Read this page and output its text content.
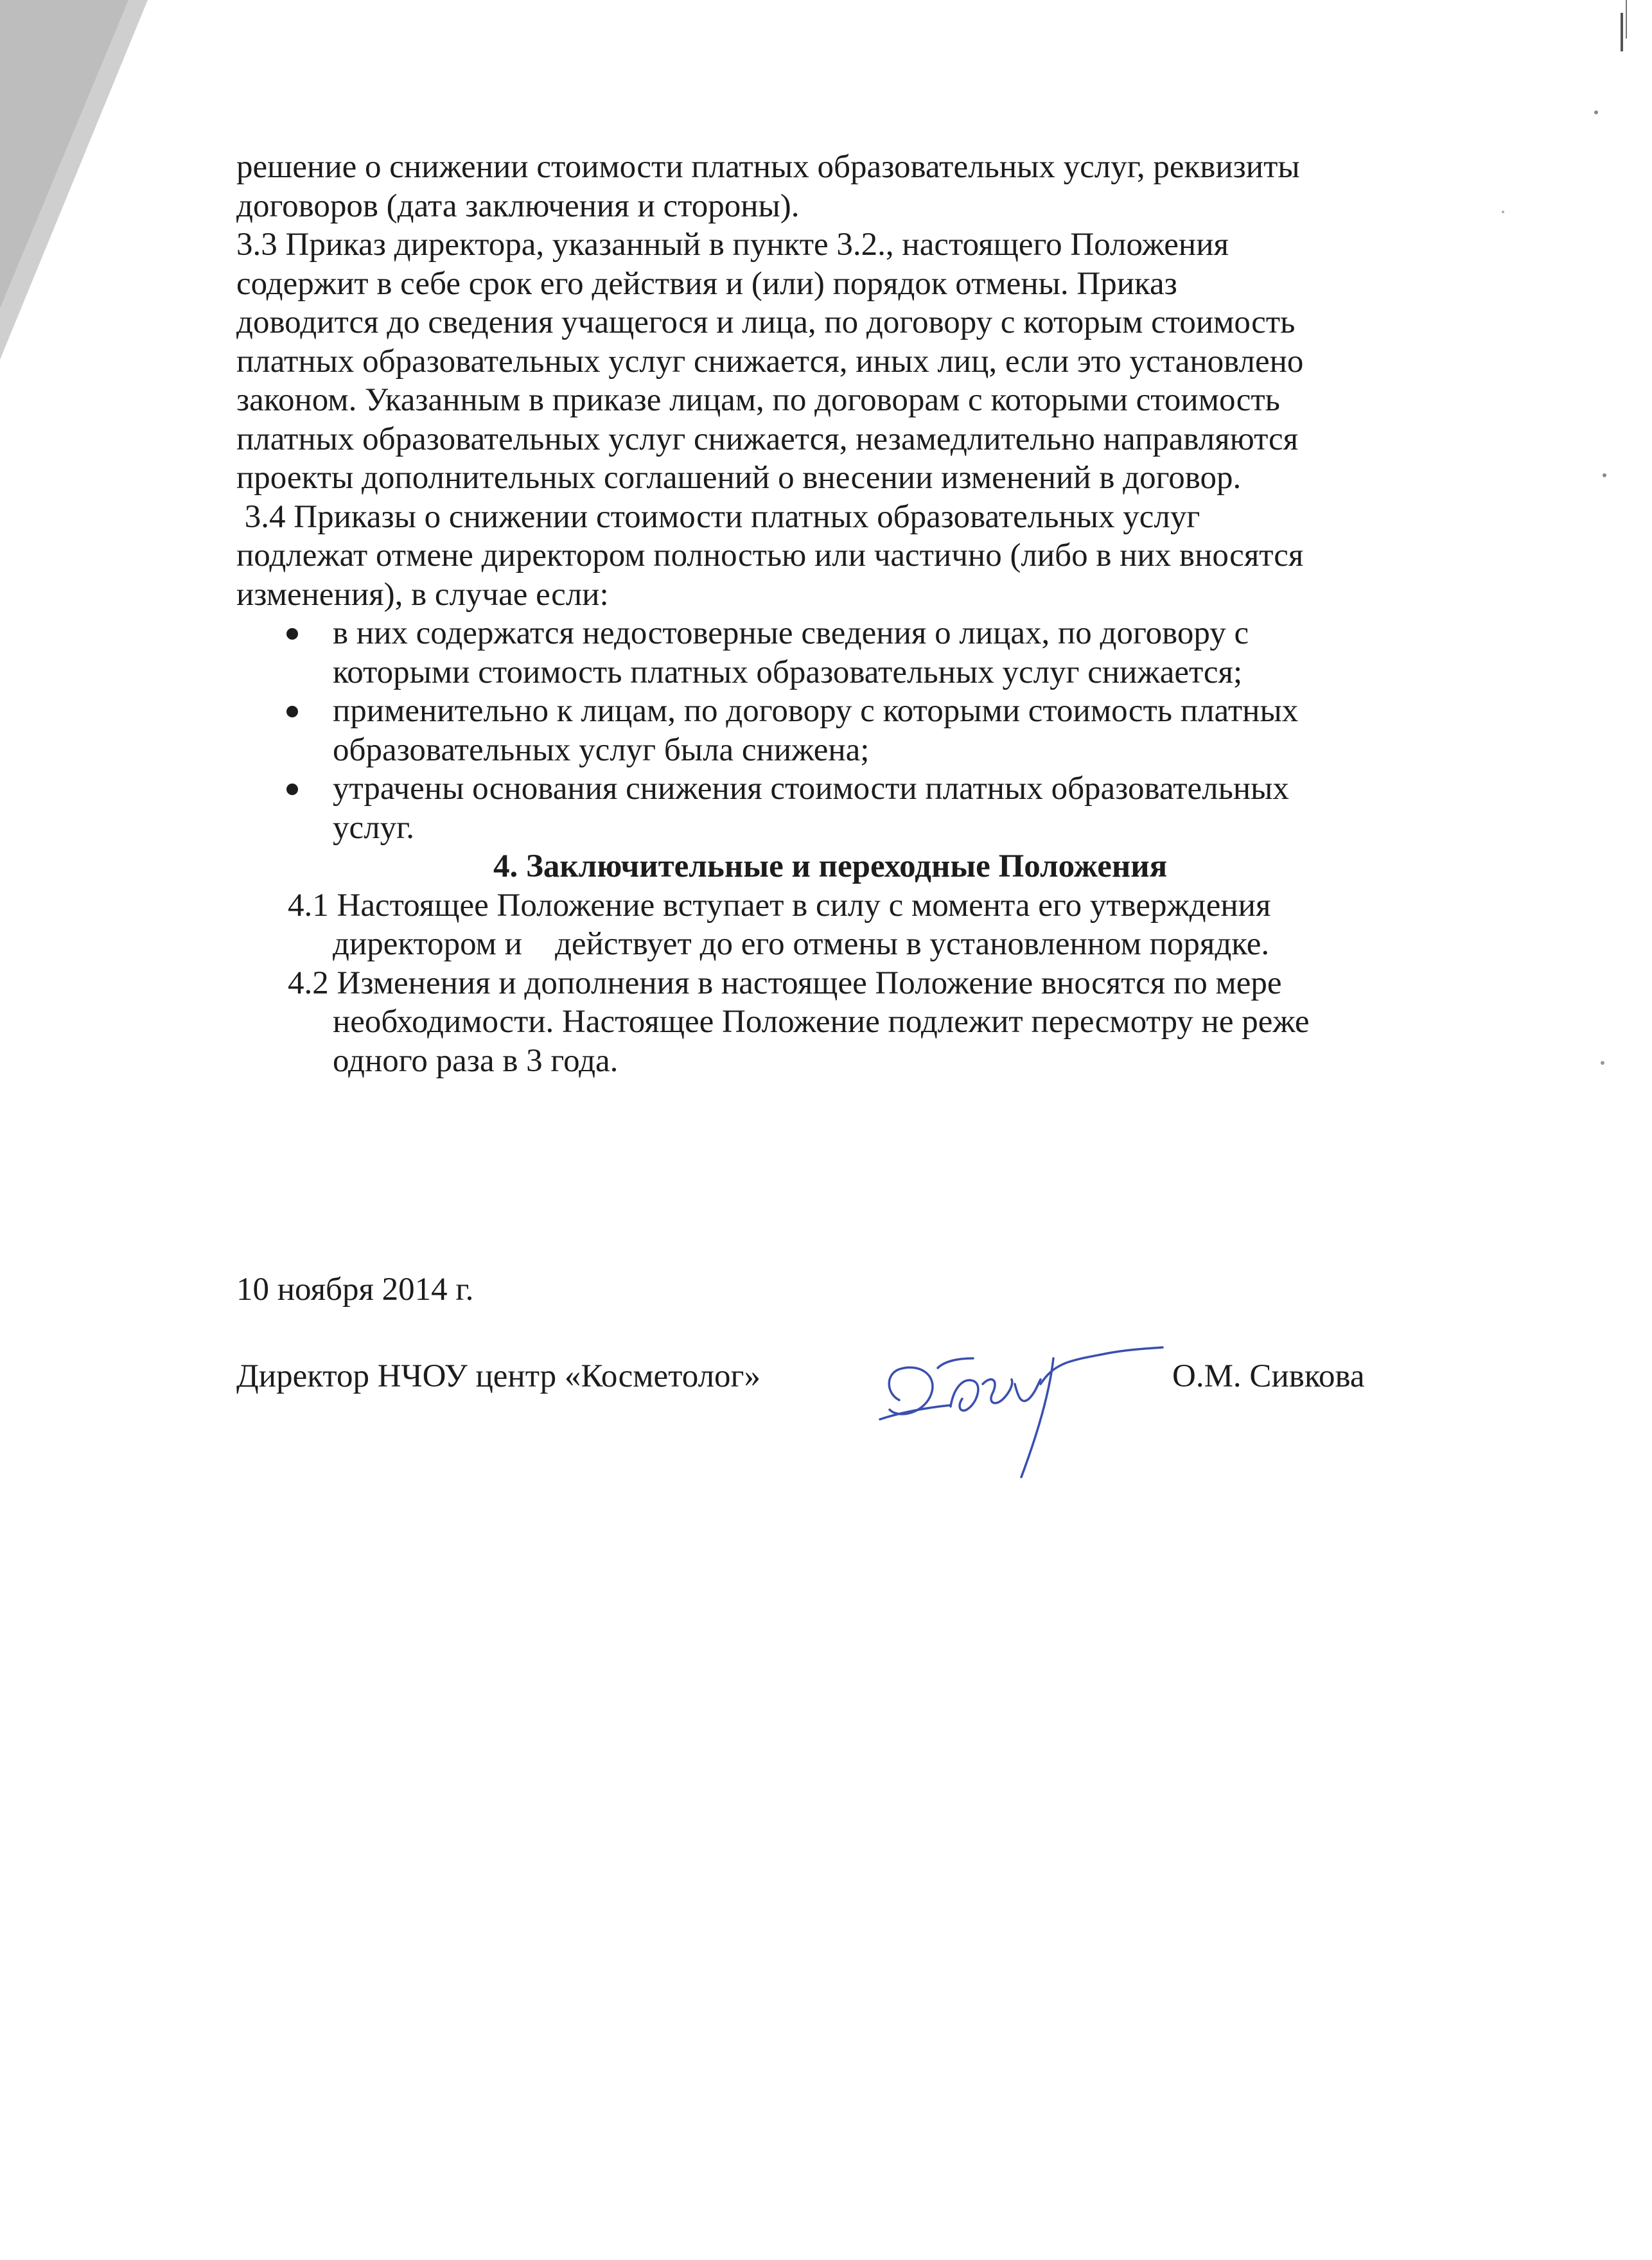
решение о снижении стоимости платных образовательных услуг, реквизиты
договоров (дата заключения и стороны).
3.3 Приказ директора, указанный в пункте 3.2., настоящего Положения
содержит в себе срок его действия и (или) порядок отмены. Приказ
доводится до сведения учащегося и лица, по договору с которым стоимость
платных образовательных услуг снижается, иных лиц, если это установлено
законом. Указанным в приказе лицам, по договорам с которыми стоимость
платных образовательных услуг снижается, незамедлительно направляются
проекты дополнительных соглашений о внесении изменений в договор.
3.4 Приказы о снижении стоимости платных образовательных услуг
подлежат отмене директором полностью или частично (либо в них вносятся
изменения), в случае если:
в них содержатся недостоверные сведения о лицах, по договору с
которыми стоимость платных образовательных услуг снижается;
применительно к лицам, по договору с которыми стоимость платных
образовательных услуг была снижена;
утрачены основания снижения стоимости платных образовательных
услуг.
4. Заключительные и переходные Положения
4.1 Настоящее Положение вступает в силу с момента его утверждения
директором и    действует до его отмены в установленном порядке.
4.2 Изменения и дополнения в настоящее Положение вносятся по мере
необходимости. Настоящее Положение подлежит пересмотру не реже
одного раза в 3 года.
10 ноября 2014 г.
Директор НЧОУ центр «Косметолог»	О.М. Сивкова
